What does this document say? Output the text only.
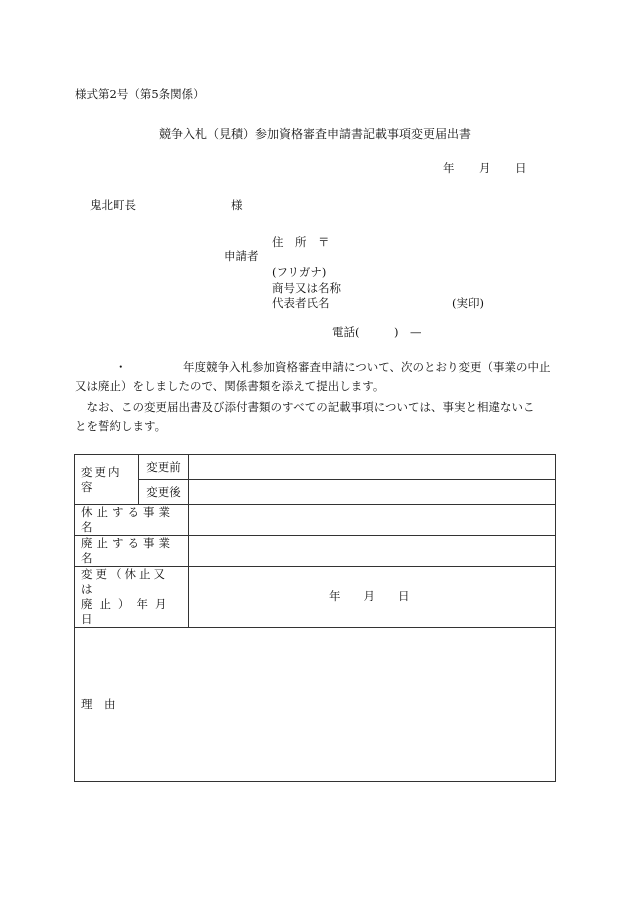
様式第2号（第5条関係）
競争入札（見積）参加資格審査申請書記載事項変更届出書
年 月 日
鬼北町長	様
申請者
住　所　〒
(フリガナ)
商号又は名称
代表者氏名	(実印)
電話(　　　)　—
・	年度競争入札参加資格審査申請について、次のとおり変更（事業の中止
又は廃止）をしましたので、関係書類を添えて提出します。
　なお、この変更届出書及び添付書類のすべての記載事項については、事実と相違ないこ
とを誓約します。
変更内容	変更前	
	変更後	
休止する事業名		
廃止する事業名		

変更（休止又は
廃止）年月日		年　　月　　日
理　由		
